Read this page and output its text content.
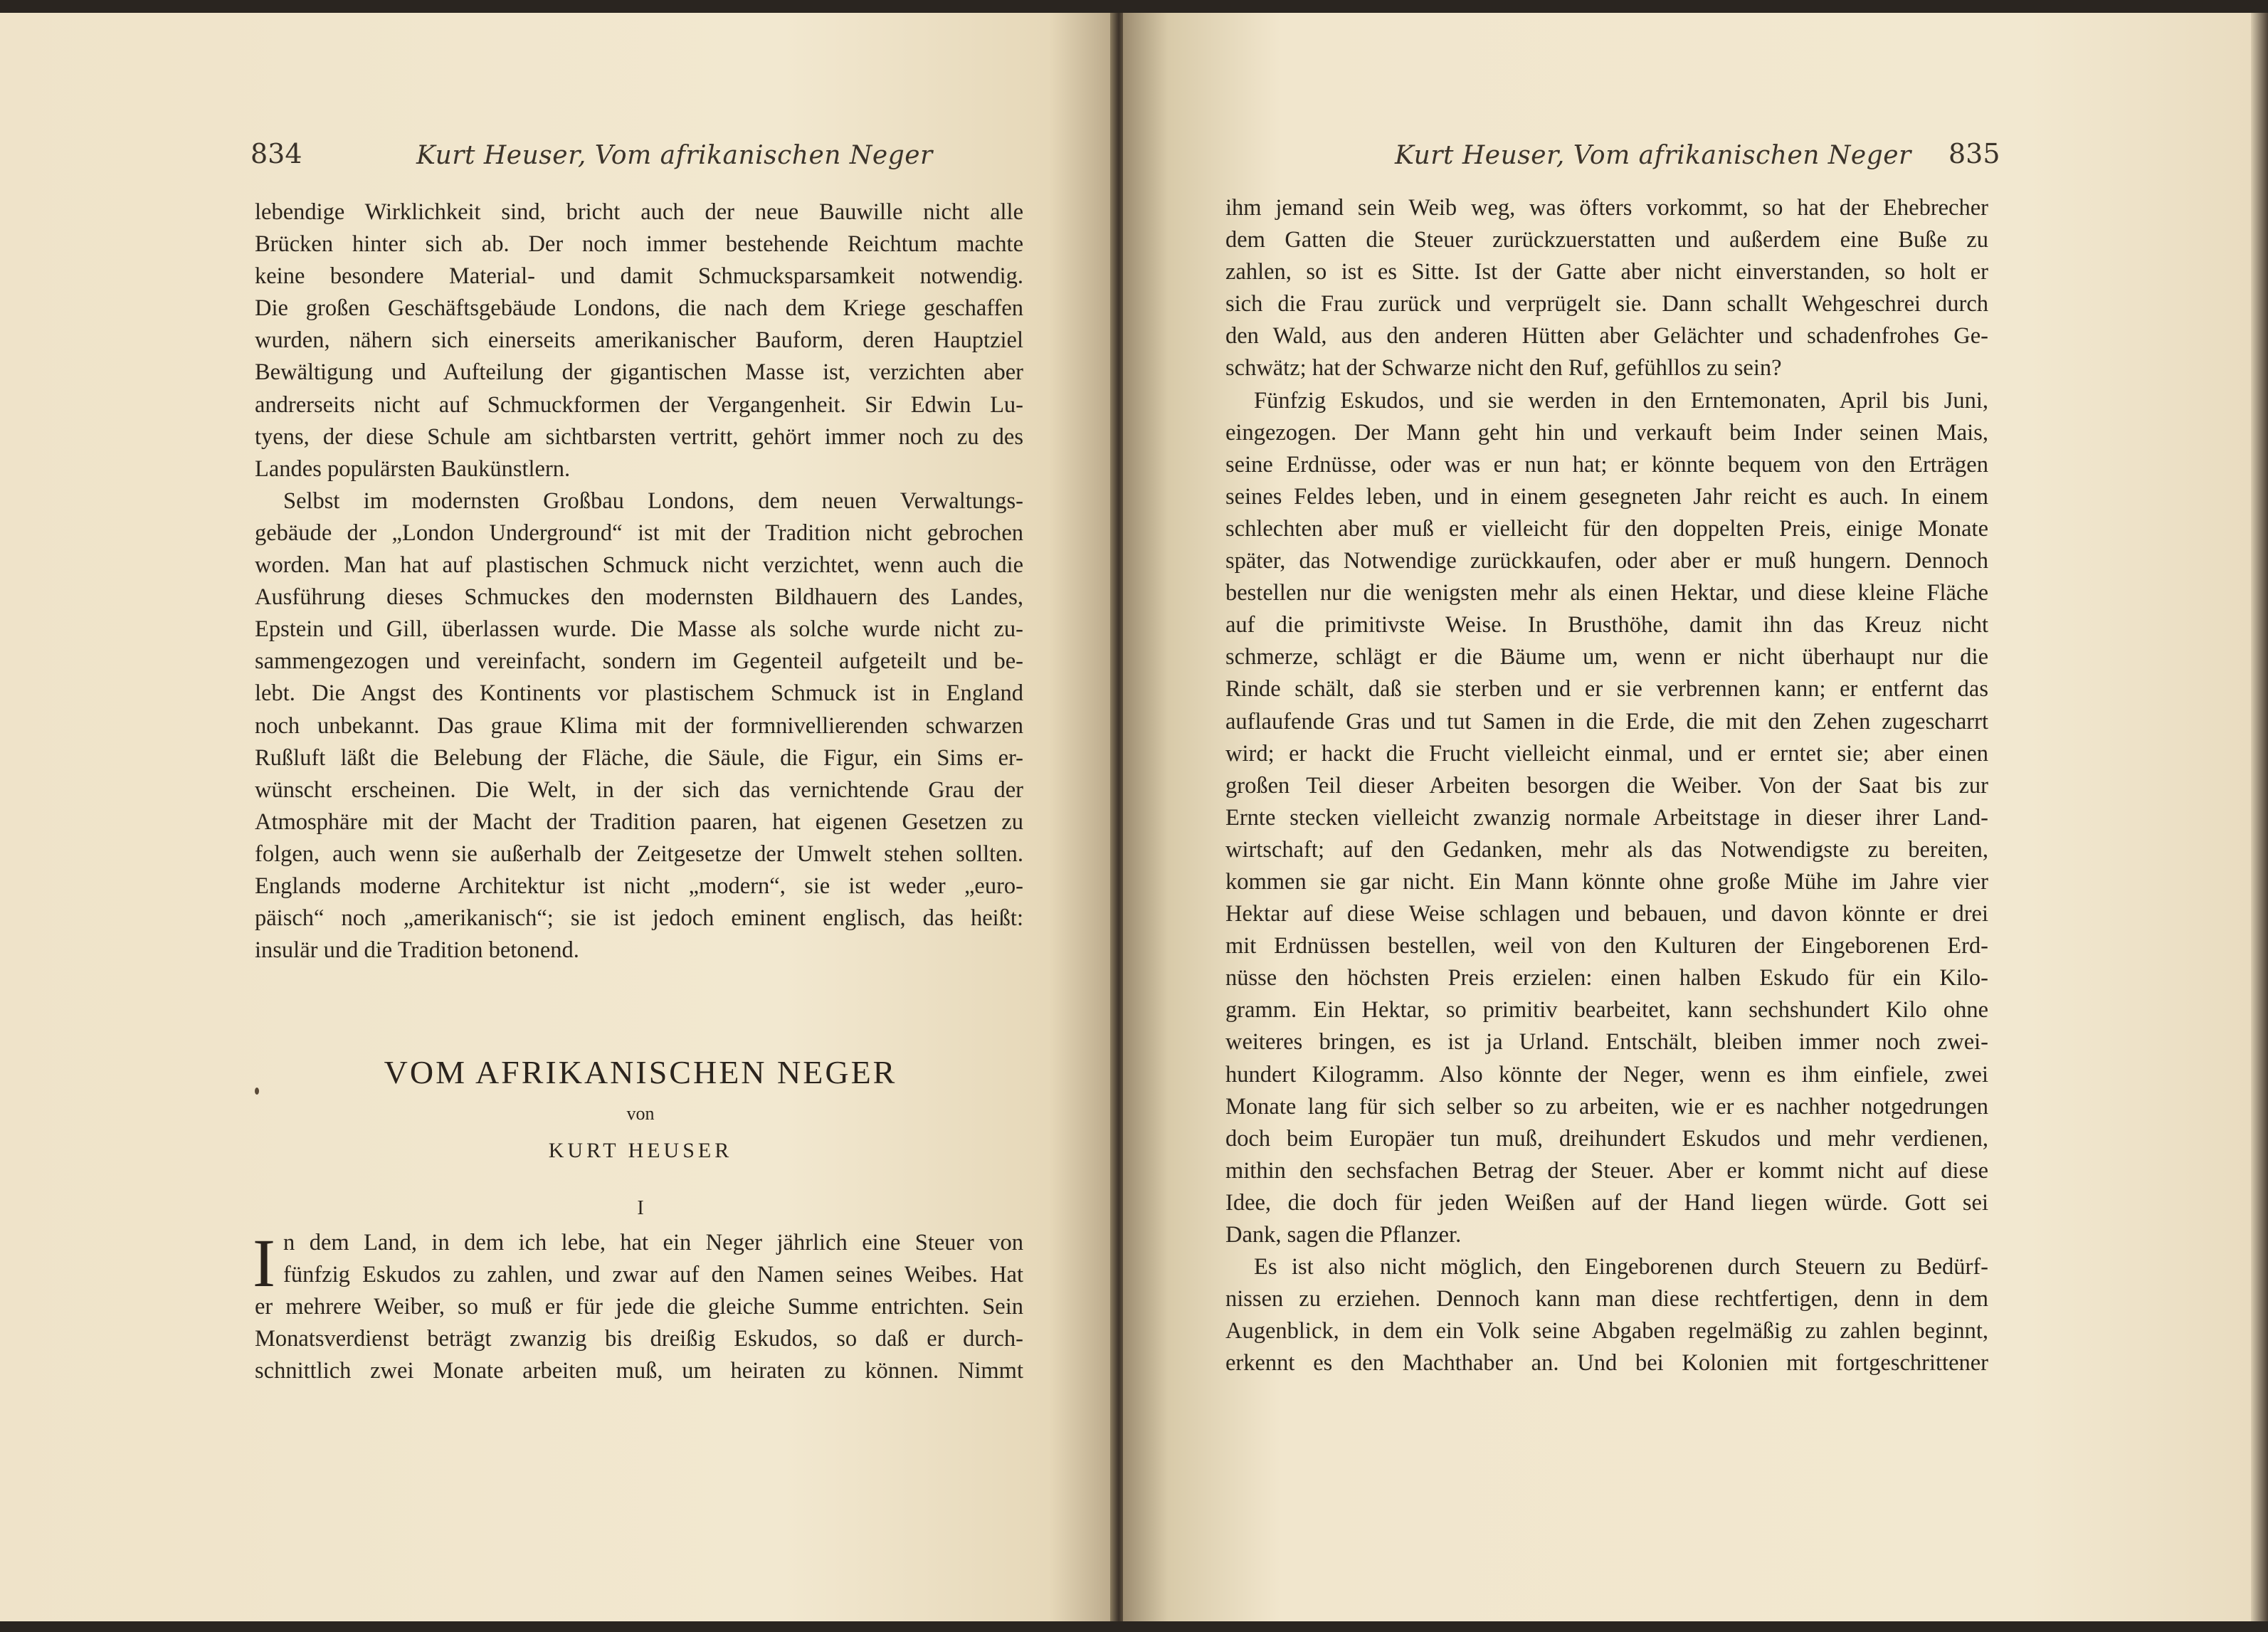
834	Kurt Heuser, Vom afrikanischen Neger

lebendige Wirklichkeit sind, bricht auch der neue Bauwille nicht alle

Brücken hinter sich ab. Der noch immer bestehende Reichtum machte

keine besondere Material- und damit Schmucksparsamkeit notwendig.

Die großen Geschäftsgebäude Londons, die nach dem Kriege geschaffen

wurden, nähern sich einerseits amerikanischer Bauform, deren Hauptziel

Bewältigung und Aufteilung der gigantischen Masse ist, verzichten aber

andrerseits nicht auf Schmuckformen der Vergangenheit. Sir Edwin Lu-

tyens, der diese Schule am sichtbarsten vertritt, gehört immer noch zu des

Landes populärsten Baukünstlern.

Selbst im modernsten Großbau Londons, dem neuen Verwaltungs-

gebäude der „London Underground“ ist mit der Tradition nicht gebrochen

worden. Man hat auf plastischen Schmuck nicht verzichtet, wenn auch die

Ausführung dieses Schmuckes den modernsten Bildhauern des Landes,

Epstein und Gill, überlassen wurde. Die Masse als solche wurde nicht zu-

sammengezogen und vereinfacht, sondern im Gegenteil aufgeteilt und be-

lebt. Die Angst des Kontinents vor plastischem Schmuck ist in England

noch unbekannt. Das graue Klima mit der formnivellierenden schwarzen

Rußluft läßt die Belebung der Fläche, die Säule, die Figur, ein Sims er-

wünscht erscheinen. Die Welt, in der sich das vernichtende Grau der

Atmosphäre mit der Macht der Tradition paaren, hat eigenen Gesetzen zu

folgen, auch wenn sie außerhalb der Zeitgesetze der Umwelt stehen sollten.

Englands moderne Architektur ist nicht „modern“, sie ist weder „euro-

päisch“ noch „amerikanisch“; sie ist jedoch eminent englisch, das heißt:

insulär und die Tradition betonend.

VOM AFRIKANISCHEN NEGER
von
KURT HEUSER
I
I n dem Land, in dem ich lebe, hat ein Neger jährlich eine Steuer von

fünfzig Eskudos zu zahlen, und zwar auf den Namen seines Weibes. Hat

er mehrere Weiber, so muß er für jede die gleiche Summe entrichten. Sein

Monatsverdienst beträgt zwanzig bis dreißig Eskudos, so daß er durch-

schnittlich zwei Monate arbeiten muß, um heiraten zu können. Nimmt

Kurt Heuser, Vom afrikanischen Neger 835

ihm jemand sein Weib weg, was öfters vorkommt, so hat der Ehebrecher

dem Gatten die Steuer zurückzuerstatten und außerdem eine Buße zu

zahlen, so ist es Sitte. Ist der Gatte aber nicht einverstanden, so holt er

sich die Frau zurück und verprügelt sie. Dann schallt Wehgeschrei durch

den Wald, aus den anderen Hütten aber Gelächter und schadenfrohes Ge-

schwätz; hat der Schwarze nicht den Ruf, gefühllos zu sein?

Fünfzig Eskudos, und sie werden in den Erntemonaten, April bis Juni,

eingezogen. Der Mann geht hin und verkauft beim Inder seinen Mais,

seine Erdnüsse, oder was er nun hat; er könnte bequem von den Erträgen

seines Feldes leben, und in einem gesegneten Jahr reicht es auch. In einem

schlechten aber muß er vielleicht für den doppelten Preis, einige Monate

später, das Notwendige zurückkaufen, oder aber er muß hungern. Dennoch

bestellen nur die wenigsten mehr als einen Hektar, und diese kleine Fläche

auf die primitivste Weise. In Brusthöhe, damit ihn das Kreuz nicht

schmerze, schlägt er die Bäume um, wenn er nicht überhaupt nur die

Rinde schält, daß sie sterben und er sie verbrennen kann; er entfernt das

auflaufende Gras und tut Samen in die Erde, die mit den Zehen zugescharrt

wird; er hackt die Frucht vielleicht einmal, und er erntet sie; aber einen

großen Teil dieser Arbeiten besorgen die Weiber. Von der Saat bis zur

Ernte stecken vielleicht zwanzig normale Arbeitstage in dieser ihrer Land-

wirtschaft; auf den Gedanken, mehr als das Notwendigste zu bereiten,

kommen sie gar nicht. Ein Mann könnte ohne große Mühe im Jahre vier

Hektar auf diese Weise schlagen und bebauen, und davon könnte er drei

mit Erdnüssen bestellen, weil von den Kulturen der Eingeborenen Erd-

nüsse den höchsten Preis erzielen: einen halben Eskudo für ein Kilo-

gramm. Ein Hektar, so primitiv bearbeitet, kann sechshundert Kilo ohne

weiteres bringen, es ist ja Urland. Entschält, bleiben immer noch zwei-

hundert Kilogramm. Also könnte der Neger, wenn es ihm einfiele, zwei

Monate lang für sich selber so zu arbeiten, wie er es nachher notgedrungen

doch beim Europäer tun muß, dreihundert Eskudos und mehr verdienen,

mithin den sechsfachen Betrag der Steuer. Aber er kommt nicht auf diese

Idee, die doch für jeden Weißen auf der Hand liegen würde. Gott sei

Dank, sagen die Pflanzer.

Es ist also nicht möglich, den Eingeborenen durch Steuern zu Bedürf-

nissen zu erziehen. Dennoch kann man diese rechtfertigen, denn in dem

Augenblick, in dem ein Volk seine Abgaben regelmäßig zu zahlen beginnt,

erkennt es den Machthaber an. Und bei Kolonien mit fortgeschrittener
